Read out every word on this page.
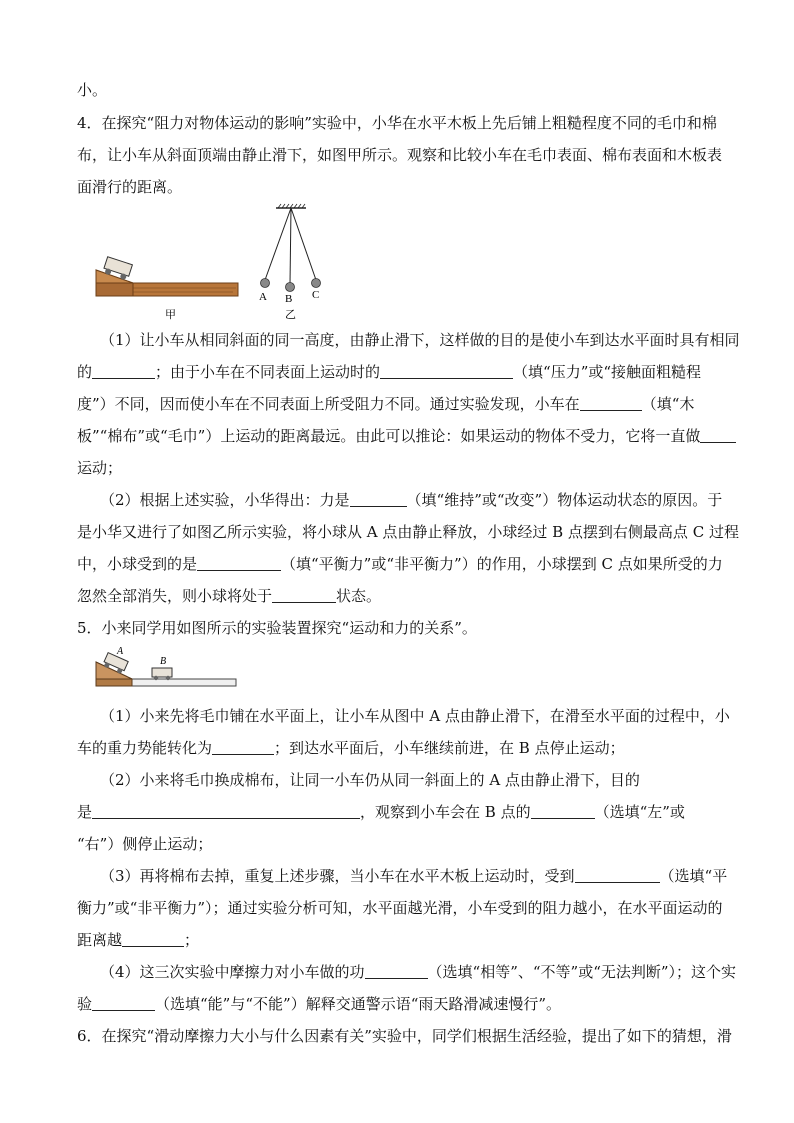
小。
4．在探究“阻力对物体运动的影响”实验中，小华在水平木板上先后铺上粗糙程度不同的毛巾和棉
布，让小车从斜面顶端由静止滑下，如图甲所示。观察和比较小车在毛巾表面、棉布表面和木板表
面滑行的距离。
A B C
甲	乙
（1）让小车从相同斜面的同一高度，由静止滑下，这样做的目的是使小车到达水平面时具有相同
的	；由于小车在不同表面上运动时的	（填“压力”或“接触面粗糙程
度”）不同，因而使小车在不同表面上所受阻力不同。通过实验发现，小车在	（填“木
板”“棉布”或“毛巾”）上运动的距离最远。由此可以推论：如果运动的物体不受力，它将一直做
运动；
（2）根据上述实验，小华得出：力是	（填“维持”或“改变”）物体运动状态的原因。于
是小华又进行了如图乙所示实验，将小球从 A 点由静止释放，小球经过 B 点摆到右侧最高点 C 过程
中，小球受到的是	（填“平衡力”或“非平衡力”）的作用，小球摆到 C 点如果所受的力
忽然全部消失，则小球将处于	状态。
5．小来同学用如图所示的实验装置探究“运动和力的关系”。
A
B
（1）小来先将毛巾铺在水平面上，让小车从图中 A 点由静止滑下，在滑至水平面的过程中，小
车的重力势能转化为	；到达水平面后，小车继续前进，在 B 点停止运动；
（2）小来将毛巾换成棉布，让同一小车仍从同一斜面上的 A 点由静止滑下，目的
是	，观察到小车会在 B 点的	（选填“左”或
“右”）侧停止运动；
（3）再将棉布去掉，重复上述步骤，当小车在水平木板上运动时，受到	（选填“平
衡力”或“非平衡力”）；通过实验分析可知，水平面越光滑，小车受到的阻力越小，在水平面运动的
距离越	；
（4）这三次实验中摩擦力对小车做的功	（选填“相等”、“不等”或“无法判断”）；这个实
验	（选填“能”与“不能”）解释交通警示语“雨天路滑减速慢行”。
6．在探究“滑动摩擦力大小与什么因素有关”实验中，同学们根据生活经验，提出了如下的猜想，滑
